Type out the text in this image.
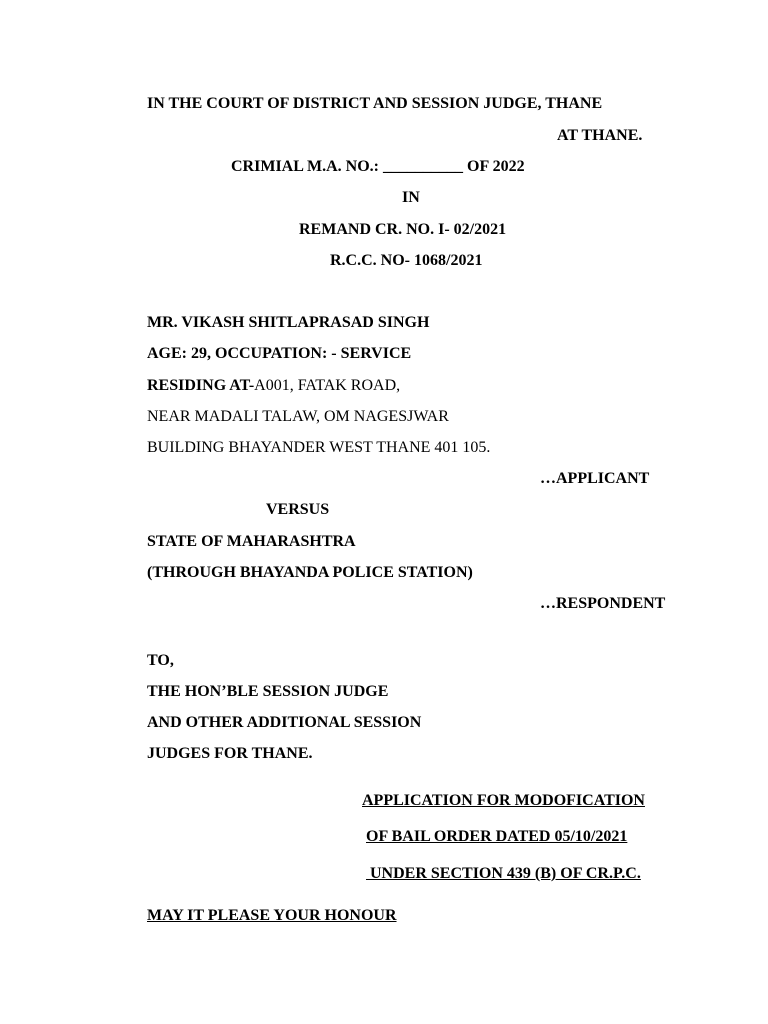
IN THE COURT OF DISTRICT AND SESSION JUDGE, THANE
AT THANE.
CRIMIAL M.A. NO.: __________ OF 2022
IN
REMAND CR. NO. I- 02/2021
R.C.C. NO- 1068/2021
MR. VIKASH SHITLAPRASAD SINGH
AGE: 29, OCCUPATION: - SERVICE
RESIDING AT-A001, FATAK ROAD,
NEAR MADALI TALAW, OM NAGESJWAR
BUILDING BHAYANDER WEST THANE 401 105.
…APPLICANT
VERSUS
STATE OF MAHARASHTRA
(THROUGH BHAYANDA POLICE STATION)
…RESPONDENT
TO,
THE HON’BLE SESSION JUDGE
AND OTHER ADDITIONAL SESSION
JUDGES FOR THANE.
APPLICATION FOR MODOFICATION
OF BAIL ORDER DATED 05/10/2021
UNDER SECTION 439 (B) OF CR.P.C.
MAY IT PLEASE YOUR HONOUR
